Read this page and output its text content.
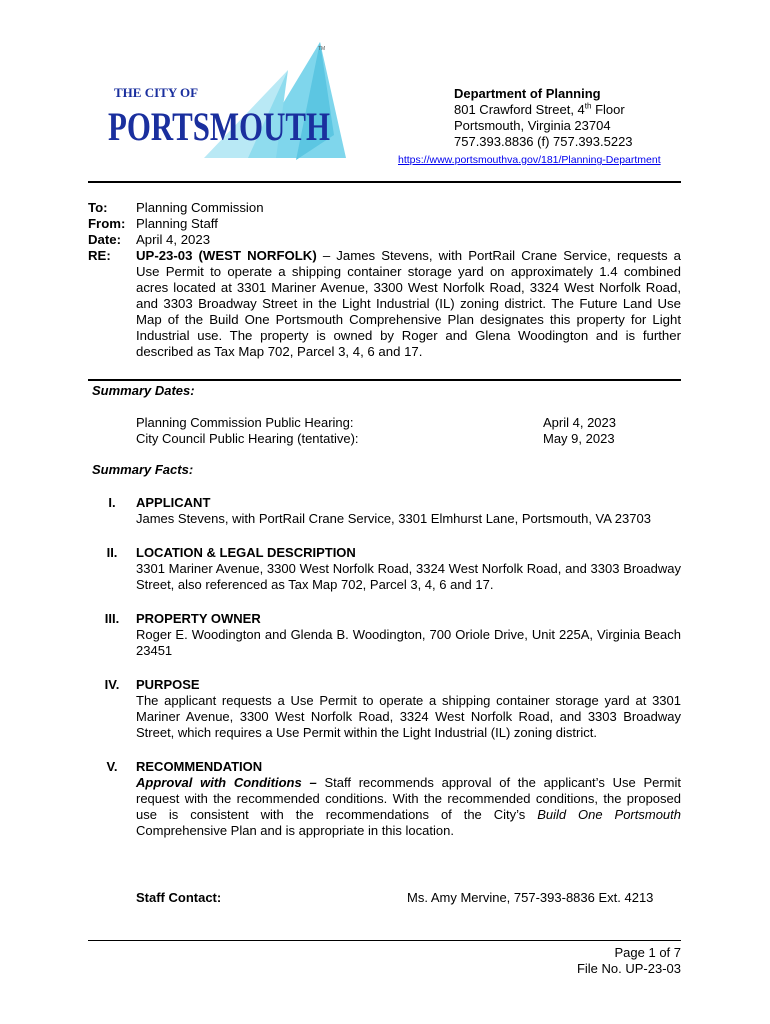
TM
THE CITY OF
PORTSMOUTH
Department of Planning
801 Crawford Street, 4th Floor
Portsmouth, Virginia 23704
757.393.8836 (f) 757.393.5223
https://www.portsmouthva.gov/181/Planning-Department
To:	Planning Commission
From: Planning Staff
Date:	April 4, 2023
RE:	UP-23-03 (WEST NORFOLK) – James Stevens, with PortRail Crane Service, requests a Use Permit to operate a shipping container storage yard on approximately 1.4 combined acres located at 3301 Mariner Avenue, 3300 West Norfolk Road, 3324 West Norfolk Road, and 3303 Broadway Street in the Light Industrial (IL) zoning district. The Future Land Use Map of the Build One Portsmouth Comprehensive Plan designates this property for Light Industrial use. The property is owned by Roger and Glena Woodington and is further described as Tax Map 702, Parcel 3, 4, 6 and 17.
Summary Dates:
Planning Commission Public Hearing:	April 4, 2023
City Council Public Hearing (tentative):	May 9, 2023
Summary Facts:
I.	APPLICANT
James Stevens, with PortRail Crane Service, 3301 Elmhurst Lane, Portsmouth, VA 23703
II.	LOCATION & LEGAL DESCRIPTION
3301 Mariner Avenue, 3300 West Norfolk Road, 3324 West Norfolk Road, and 3303 Broadway Street, also referenced as Tax Map 702, Parcel 3, 4, 6 and 17.
III.	PROPERTY OWNER
Roger E. Woodington and Glenda B. Woodington, 700 Oriole Drive, Unit 225A, Virginia Beach 23451
IV.	PURPOSE
The applicant requests a Use Permit to operate a shipping container storage yard at 3301 Mariner Avenue, 3300 West Norfolk Road, 3324 West Norfolk Road, and 3303 Broadway Street, which requires a Use Permit within the Light Industrial (IL) zoning district.
V.	RECOMMENDATION
Approval with Conditions – Staff recommends approval of the applicant’s Use Permit request with the recommended conditions. With the recommended conditions, the proposed use is consistent with the recommendations of the City’s Build One Portsmouth Comprehensive Plan and is appropriate in this location.
Staff Contact:	Ms. Amy Mervine, 757-393-8836 Ext. 4213
Page 1 of 7
File No. UP-23-03
